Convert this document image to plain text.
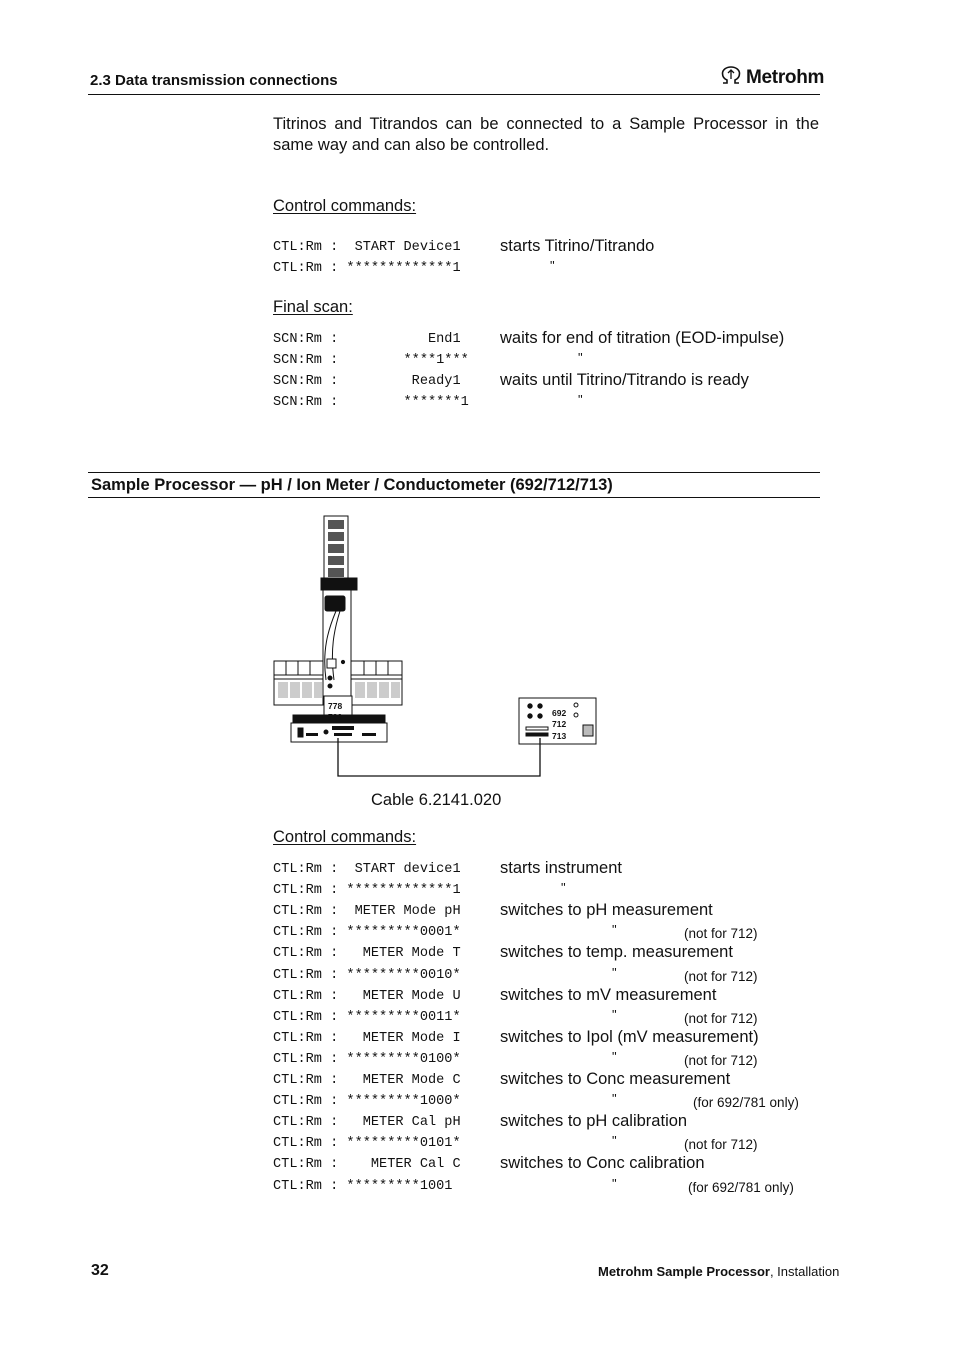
2.3 Data transmission connections	Metrohm
Titrinos and Titrandos can be connected to a Sample Processor in the same way and can also be controlled.
Control commands:
CTL:Rm :  START Device1 starts Titrino/Titrando
CTL:Rm : *************1	"
Final scan:
SCN:Rm :           End1 waits for end of titration (EOD-impulse)
SCN:Rm :        ****1***	"
SCN:Rm :         Ready1 waits until Titrino/Titrando is ready
SCN:Rm :        *******1	"
Sample Processor — pH / Ion Meter / Conductometer (692/712/713)
778
789	692
712
713
Cable 6.2141.020
Control commands:
CTL:Rm :  START device1 starts instrument
CTL:Rm : *************1	"
CTL:Rm :  METER Mode pH switches to pH measurement
CTL:Rm : *********0001*	"	(not for 712)
CTL:Rm :   METER Mode T switches to temp. measurement
CTL:Rm : *********0010*	"	(not for 712)
CTL:Rm :   METER Mode U switches to mV measurement
CTL:Rm : *********0011*	"	(not for 712)
CTL:Rm :   METER Mode I switches to Ipol (mV measurement)
CTL:Rm : *********0100*	"	(not for 712)
CTL:Rm :   METER Mode C switches to Conc measurement
CTL:Rm : *********1000*	"	(for 692/781 only)
CTL:Rm :   METER Cal pH switches to pH calibration
CTL:Rm : *********0101*	"	(not for 712)
CTL:Rm :    METER Cal C switches to Conc calibration
CTL:Rm : *********1001	"	(for 692/781 only)
32	Metrohm Sample Processor, Installation
